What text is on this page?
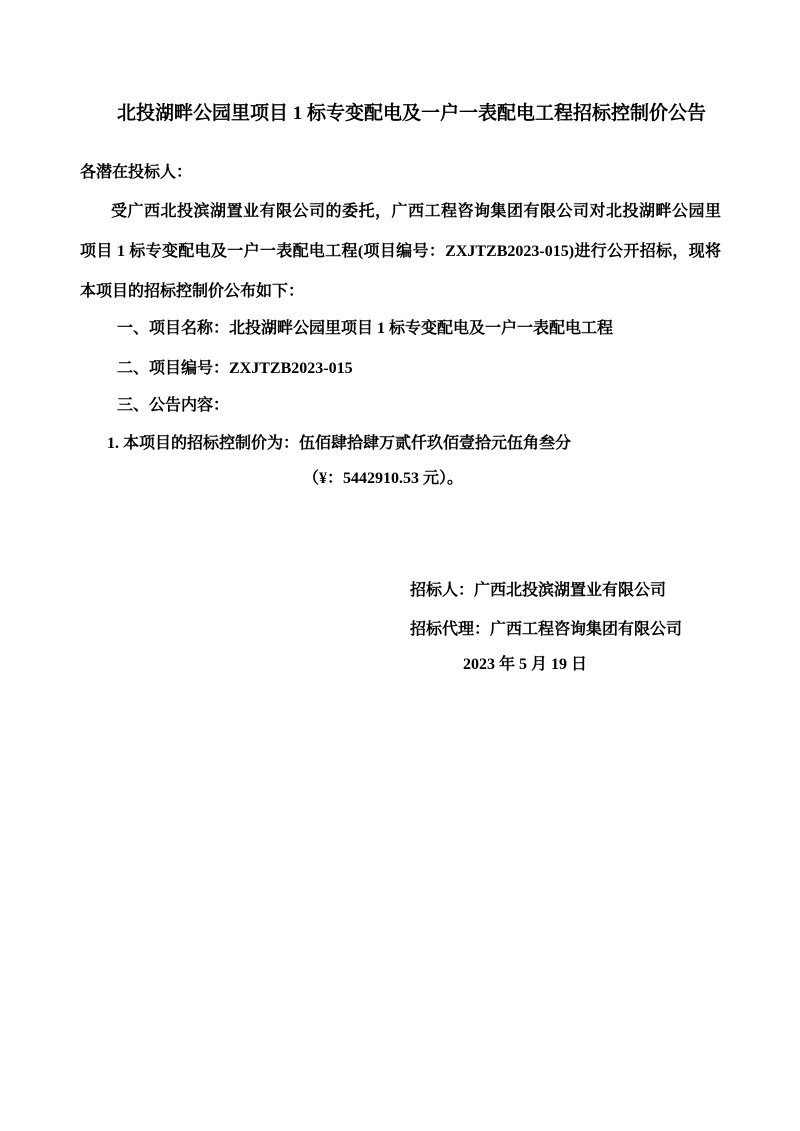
北投湖畔公园里项目 1 标专变配电及一户一表配电工程招标控制价公告
各潜在投标人：
受广西北投滨湖置业有限公司的委托，广西工程咨询集团有限公司对北投湖畔公园里
项目 1 标专变配电及一户一表配电工程(项目编号：ZXJTZB2023-015)进行公开招标，现将
本项目的招标控制价公布如下：
一、项目名称：北投湖畔公园里项目 1 标专变配电及一户一表配电工程
二、项目编号：ZXJTZB2023-015
三、公告内容：
1. 本项目的招标控制价为：伍佰肆拾肆万贰仟玖佰壹拾元伍角叁分
（¥：5442910.53 元）。
招标人：广西北投滨湖置业有限公司
招标代理：广西工程咨询集团有限公司
2023 年 5 月 19 日
